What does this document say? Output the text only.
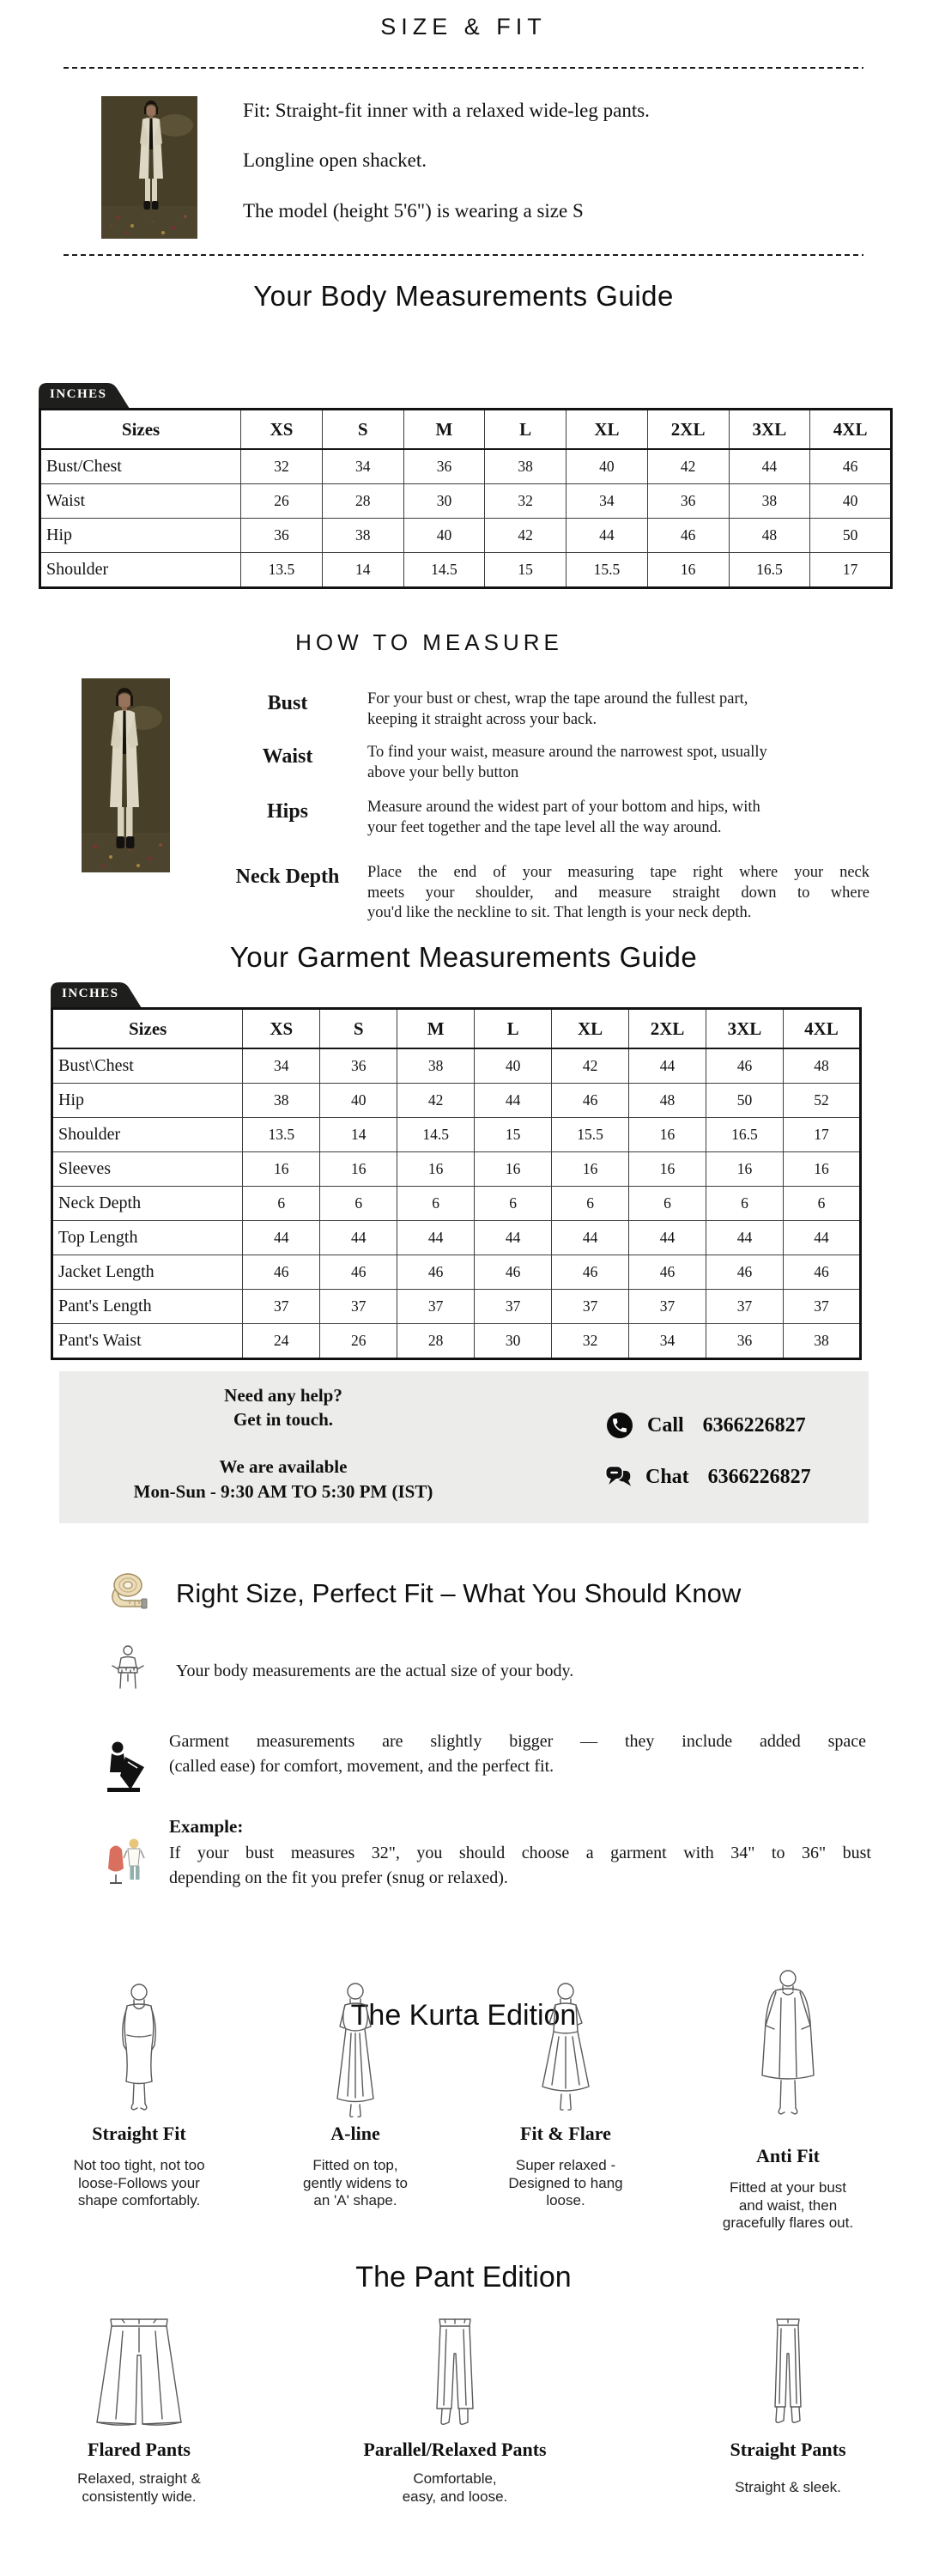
SIZE & FIT
Fit: Straight-fit inner with a relaxed wide-leg pants.
Longline open shacket.
The model (height 5'6") is wearing a size S
Your Body Measurements Guide
INCHES
Sizes	XS	S	M	L	XL	2XL	3XL	4XL
Bust/Chest	32	34	36	38	40	42	44	46
Waist	26	28	30	32	34	36	38	40
Hip	36	38	40	42	44	46	48	50
Shoulder	13.5	14	14.5	15	15.5	16	16.5	17
HOW TO MEASURE
Bust	For your bust or chest, wrap the tape around the fullest part,
keeping it straight across your back.
Waist	To find your waist, measure around the narrowest spot, usually
above your belly button
Hips	Measure around the widest part of your bottom and hips, with
your feet together and the tape level all the way around.
Neck Depth	Place the end of your measuring tape right where your neck
meets your shoulder, and measure straight down to where
you'd like the neckline to sit. That length is your neck depth.
Your Garment Measurements Guide
INCHES
Sizes	XS	S	M	L	XL	2XL	3XL	4XL
Bust\Chest	34	36	38	40	42	44	46	48
Hip	38	40	42	44	46	48	50	52
Shoulder	13.5	14	14.5	15	15.5	16	16.5	17
Sleeves	16	16	16	16	16	16	16	16
Neck Depth	6	6	6	6	6	6	6	6
Top Length	44	44	44	44	44	44	44	44
Jacket Length	46	46	46	46	46	46	46	46
Pant's Length	37	37	37	37	37	37	37	37
Pant's Waist	24	26	28	30	32	34	36	38
Need any help?
Get in touch.
We are available
Mon-Sun - 9:30 AM TO 5:30 PM (IST)
Call 6366226827
Chat 6366226827
Right Size, Perfect Fit – What You Should Know
Your body measurements are the actual size of your body.
Garment measurements are slightly bigger — they include added space
(called ease) for comfort, movement, and the perfect fit.
Example:
If your bust measures 32", you should choose a garment with 34" to 36" bust
depending on the fit you prefer (snug or relaxed).
The Kurta Edition
Straight Fit
Not too tight, not too
loose-Follows your
shape comfortably.
A-line
Fitted on top,
gently widens to
an 'A' shape.
Fit & Flare
Super relaxed -
Designed to hang
loose.
Anti Fit
Fitted at your bust
and waist, then
gracefully flares out.
The Pant Edition
Flared Pants
Relaxed, straight &
consistently wide.
Parallel/Relaxed Pants
Comfortable,
easy, and loose.
Straight Pants
Straight & sleek.
